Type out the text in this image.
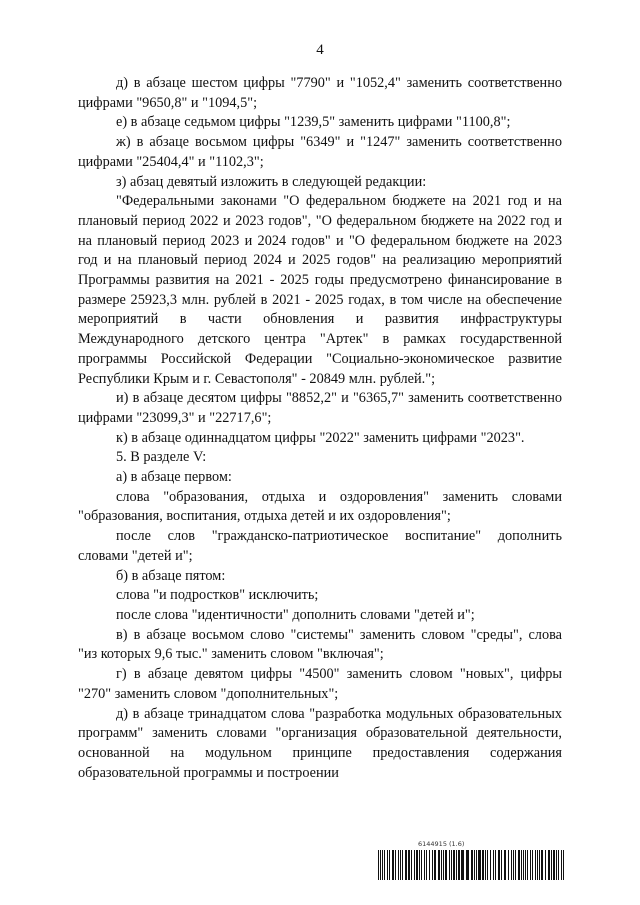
4

д) в абзаце шестом цифры "7790" и "1052,4" заменить соответственно цифрами "9650,8" и "1094,5";

е) в абзаце седьмом цифры "1239,5" заменить цифрами "1100,8";

ж) в абзаце восьмом цифры "6349" и "1247" заменить соответственно цифрами "25404,4" и "1102,3";

з) абзац девятый изложить в следующей редакции:

"Федеральными законами "О федеральном бюджете на 2021 год и на плановый период 2022 и 2023 годов", "О федеральном бюджете на 2022 год и на плановый период 2023 и 2024 годов" и "О федеральном бюджете на 2023 год и на плановый период 2024 и 2025 годов" на реализацию мероприятий Программы развития на 2021 - 2025 годы предусмотрено финансирование в размере 25923,3 млн. рублей в 2021 - 2025 годах, в том числе на обеспечение мероприятий в части обновления и развития инфраструктуры Международного детского центра "Артек" в рамках государственной программы Российской Федерации "Социально-экономическое развитие Республики Крым и г. Севастополя" - 20849 млн. рублей.";

и) в абзаце десятом цифры "8852,2" и "6365,7" заменить соответственно цифрами "23099,3" и "22717,6";

к) в абзаце одиннадцатом цифры "2022" заменить цифрами "2023".

5. В разделе V:

а) в абзаце первом:

слова "образования, отдыха и оздоровления" заменить словами "образования, воспитания, отдыха детей и их оздоровления";

после слов "гражданско-патриотическое воспитание" дополнить словами "детей и";

б) в абзаце пятом:

слова "и подростков" исключить;

после слова "идентичности" дополнить словами "детей и";

в) в абзаце восьмом слово "системы" заменить словом "среды", слова "из которых 9,6 тыс." заменить словом "включая";

г) в абзаце девятом цифры "4500" заменить словом "новых", цифры "270" заменить словом "дополнительных";

д) в абзаце тринадцатом слова "разработка модульных образовательных программ" заменить словами "организация образовательной деятельности, основанной на модульном принципе предоставления содержания образовательной программы и построении

6144915 (1.6)
